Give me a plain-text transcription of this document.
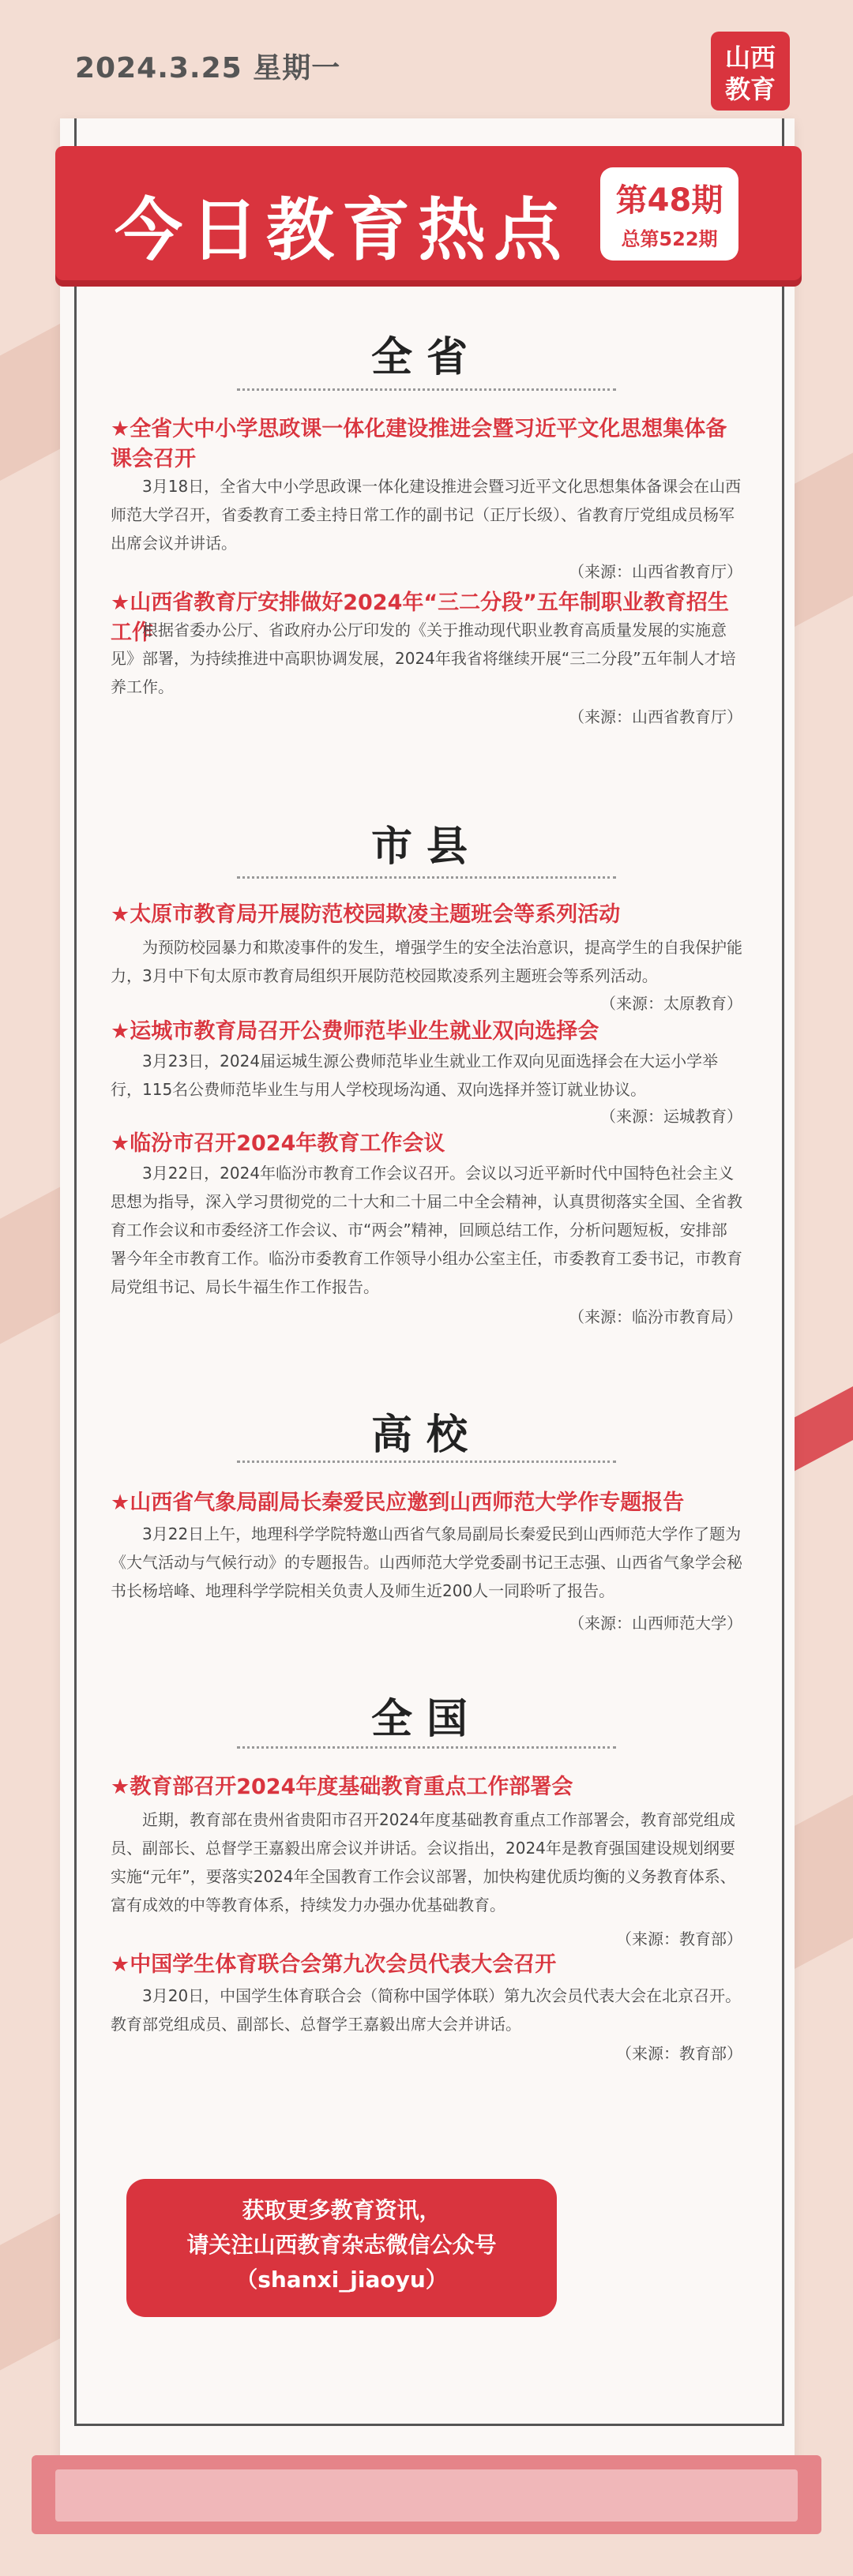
2024.3.25 星期一	山西
教育
今日教育热点	第48期
总第522期
全省
★全省大中小学思政课一体化建设推进会暨习近平文化思想集体备课会召开
3月18日，全省大中小学思政课一体化建设推进会暨习近平文化思想集体备课会在山西师范大学召开，省委教育工委主持日常工作的副书记（正厅长级）、省教育厅党组成员杨军出席会议并讲话。
（来源：山西省教育厅）
★山西省教育厅安排做好2024年“三二分段”五年制职业教育招生工作
根据省委办公厅、省政府办公厅印发的《关于推动现代职业教育高质量发展的实施意见》部署，为持续推进中高职协调发展，2024年我省将继续开展“三二分段”五年制人才培养工作。
（来源：山西省教育厅）
市县
★太原市教育局开展防范校园欺凌主题班会等系列活动
为预防校园暴力和欺凌事件的发生，增强学生的安全法治意识，提高学生的自我保护能力，3月中下旬太原市教育局组织开展防范校园欺凌系列主题班会等系列活动。
（来源：太原教育）
★运城市教育局召开公费师范毕业生就业双向选择会
3月23日，2024届运城生源公费师范毕业生就业工作双向见面选择会在大运小学举行，115名公费师范毕业生与用人学校现场沟通、双向选择并签订就业协议。
（来源：运城教育）
★临汾市召开2024年教育工作会议
3月22日，2024年临汾市教育工作会议召开。会议以习近平新时代中国特色社会主义思想为指导，深入学习贯彻党的二十大和二十届二中全会精神，认真贯彻落实全国、全省教育工作会议和市委经济工作会议、市“两会”精神，回顾总结工作，分析问题短板，安排部署今年全市教育工作。临汾市委教育工作领导小组办公室主任，市委教育工委书记，市教育局党组书记、局长牛福生作工作报告。
（来源：临汾市教育局）
高校
★山西省气象局副局长秦爱民应邀到山西师范大学作专题报告
3月22日上午，地理科学学院特邀山西省气象局副局长秦爱民到山西师范大学作了题为《大气活动与气候行动》的专题报告。山西师范大学党委副书记王志强、山西省气象学会秘书长杨培峰、地理科学学院相关负责人及师生近200人一同聆听了报告。
（来源：山西师范大学）
全国
★教育部召开2024年度基础教育重点工作部署会
近期，教育部在贵州省贵阳市召开2024年度基础教育重点工作部署会，教育部党组成员、副部长、总督学王嘉毅出席会议并讲话。会议指出，2024年是教育强国建设规划纲要实施“元年”，要落实2024年全国教育工作会议部署，加快构建优质均衡的义务教育体系、富有成效的中等教育体系，持续发力办强办优基础教育。
（来源：教育部）
★中国学生体育联合会第九次会员代表大会召开
3月20日，中国学生体育联合会（简称中国学体联）第九次会员代表大会在北京召开。教育部党组成员、副部长、总督学王嘉毅出席大会并讲话。
（来源：教育部）
获取更多教育资讯，
请关注山西教育杂志微信公众号
（shanxi_jiaoyu）
